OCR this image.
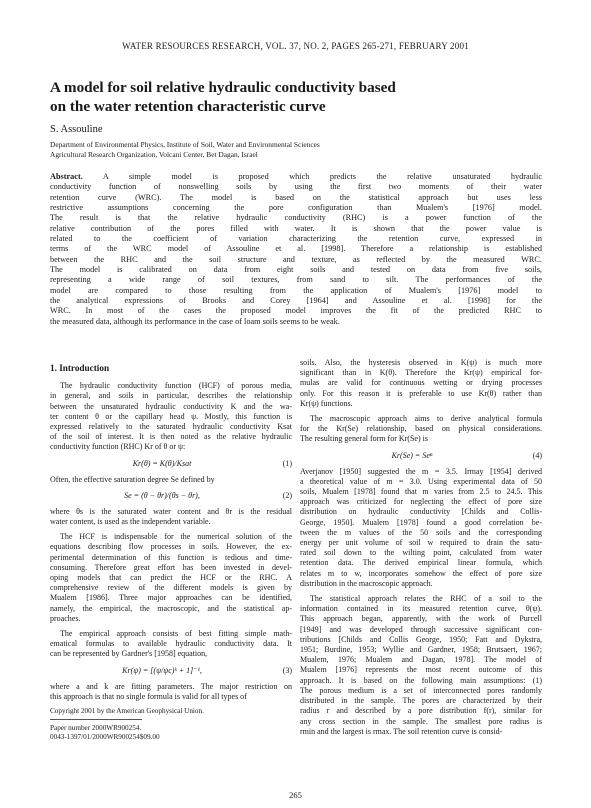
WATER RESOURCES RESEARCH, VOL. 37, NO. 2, PAGES 265-271, FEBRUARY 2001
A model for soil relative hydraulic conductivity based
on the water retention characteristic curve
S. Assouline
Department of Environmental Physics, Institute of Soil, Water and Environmental Sciences
Agricultural Research Organization, Volcani Center, Bet Dagan, Israel
Abstract. A simple model is proposed which predicts the relative unsaturated hydraulic
conductivity function of nonswelling soils by using the first two moments of their water
retention curve (WRC). The model is based on the statistical approach but uses less
restrictive assumptions concerning the pore configuration than Mualem's [1976] model.
The result is that the relative hydraulic conductivity (RHC) is a power function of the
relative contribution of the pores filled with water. It is shown that the power value is
related to the coefficient of variation characterizing the retention curve, expressed in
terms of the WRC model of Assouline et al. [1998]. Therefore a relationship is established
between the RHC and the soil structure and texture, as reflected by the measured WRC.
The model is calibrated on data from eight soils and tested on data from five soils,
representing a wide range of soil textures, from sand to silt. The performances of the
model are compared to those resulting from the application of Mualem's [1976] model to
the analytical expressions of Brooks and Corey [1964] and Assouline et al. [1998] for the
WRC. In most of the cases the proposed model improves the fit of the predicted RHC to
the measured data, although its performance in the case of loam soils seems to be weak.
1. Introduction
The hydraulic conductivity function (HCF) of porous media,
in general, and soils in particular, describes the relationship
between the unsaturated hydraulic conductivity K and the wa-
ter content θ or the capillary head ψ. Mostly, this function is
expressed relatively to the saturated hydraulic conductivity Ksat
of the soil of interest. It is then noted as the relative hydraulic
conductivity function (RHC) Kr of θ or ψ:
Kr(θ) = K(θ)/Ksat	(1)
Often, the effective saturation degree Se defined by
Se = (θ − θr)/(θs − θr),	(2)
where θs is the saturated water content and θr is the residual
water content, is used as the independent variable.
The HCF is indispensable for the numerical solution of the
equations describing flow processes in soils. However, the ex-
perimental determination of this function is tedious and time-
consuming. Therefore great effort has been invested in devel-
oping models that can predict the HCF or the RHC. A
comprehensive review of the different models is given by
Mualem [1986]. Three major approaches can be identified,
namely, the empirical, the macroscopic, and the statistical ap-
proaches.
The empirical approach consists of best fitting simple math-
ematical formulas to available hydraulic conductivity data. It
can be represented by Gardner's [1958] equation,
Kr(ψ) = [(ψ/ψc)ᵏ + 1]⁻¹,	(3)
where a and k are fitting parameters. The major restriction on
this approach is that no single formula is valid for all types of
Copyright 2001 by the American Geophysical Union.
Paper number 2000WR900254.
0043-1397/01/2000WR900254$09.00
soils. Also, the hysteresis observed in K(ψ) is much more
significant than in K(θ). Therefore the Kr(ψ) empirical for-
mulas are valid for continuous wetting or drying processes
only. For this reason it is preferable to use Kr(θ) rather than
Kr(ψ) functions.
The macroscopic approach aims to derive analytical formula
for the Kr(Se) relationship, based on physical considerations.
The resulting general form for Kr(Se) is
Kr(Se) = Seⁿ	(4)
Averjanov [1950] suggested the m = 3.5. Irmay [1954] derived
a theoretical value of m = 3.0. Using experimental data of 50
soils, Mualem [1978] found that m varies from 2.5 to 24.5. This
approach was criticized for neglecting the effect of pore size
distribution on hydraulic conductivity [Childs and Collis-
George, 1950]. Mualem [1978] found a good correlation be-
tween the m values of the 50 soils and the corresponding
energy per unit volume of soil w required to drain the satu-
rated soil down to the wilting point, calculated from water
retention data. The derived empirical linear formula, which
relates m to w, incorporates somehow the effect of pore size
distribution in the macroscopic approach.
The statistical approach relates the RHC of a soil to the
information contained in its measured retention curve, θ(ψ).
This approach began, apparently, with the work of Purcell
[1949] and was developed through successive significant con-
tributions [Childs and Collis George, 1950; Fatt and Dykstra,
1951; Burdine, 1953; Wyllie and Gardner, 1958; Brutsaert, 1967;
Mualem, 1976; Mualem and Dagan, 1978]. The model of
Mualem [1976] represents the most recent outcome of this
approach. It is based on the following main assumptions: (1)
The porous medium is a set of interconnected pores randomly
distributed in the sample. The pores are characterized by their
radius r and described by a pore distribution f(r), similar for
any cross section in the sample. The smallest pore radius is
rmin and the largest is rmax. The soil retention curve is consid-
265
